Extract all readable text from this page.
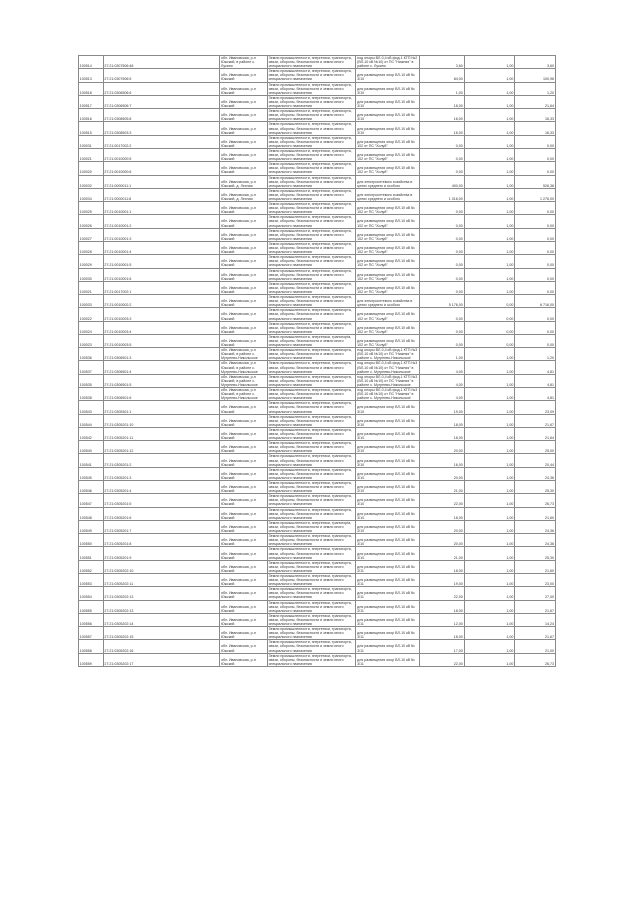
100514	27:21:0307506:48	обл. Ивановская, р-н Южский, в районе с. Лукино	Земли промышленности, энергетики, транспорта, связи, обороны, безопасности и земли иного специального назначения	под опоры ВЛ-0,4 кВ фид.1 КТП №2 (ВЛ-10 кВ №10) от ПС "Нижняя" в районе с. Лукино	3,60	1,00	3,60
100513	27:21:0307506:5	обл. Ивановская, р-н Южский	Земли промышленности, энергетики, транспорта, связи, обороны, безопасности и земли иного специального назначения	для размещения опор ВЛ-10 кВ № 3/10	84,00	1,00	100,96
100518	27:21:0306506:6	обл. Ивановская, р-н Южский	Земли промышленности, энергетики, транспорта, связи, обороны, безопасности и земли иного специального назначения	для размещения опор ВЛ-10 кВ № 3/10	1,00	1,00	1,20
100517	27:21:0306506:7	обл. Ивановская, р-н Южский	Земли промышленности, энергетики, транспорта, связи, обороны, безопасности и земли иного специального назначения	для размещения опор ВЛ-10 кВ № 3/10	18,00	1,00	21,64
100516	27:21:0308505:8	обл. Ивановская, р-н Южский	Земли промышленности, энергетики, транспорта, связи, обороны, безопасности и земли иного специального назначения	для размещения опор ВЛ-10 кВ № 3/10	16,00	1,00	16,33
100515	27:21:0308503:3	обл. Ивановская, р-н Южский	Земли промышленности, энергетики, транспорта, связи, обороны, безопасности и земли иного специального назначения	для размещения опор ВЛ-10 кВ № 3/10	16,00	1,00	16,33
100031	27:21:0017002:2	обл. Ивановская, р-н Южский	Земли промышленности, энергетики, транспорта, связи, обороны, безопасности и земли иного специального назначения	для размещения опор ВЛ-10 кВ № 102 от ПС "Холуй"	0,00	1,00	0,00
100021	27:21:0010000:5	обл. Ивановская, р-н Южский	Земли промышленности, энергетики, транспорта, связи, обороны, безопасности и земли иного специального назначения	для размещения опор ВЛ-10 кВ № 102 от ПС "Холуй"	0,00	1,00	0,00
100020	27:21:0010000:6	обл. Ивановская, р-н Южский	Земли промышленности, энергетики, транспорта, связи, обороны, безопасности и земли иного специального назначения	для размещения опор ВЛ-10 кВ № 102 от ПС "Холуй"	0,00	1,00	0,00
100032	27:21:0000011:1	обл. Ивановская, р-н Южский, д. Лесная	Земли промышленности, энергетики, транспорта, связи, обороны, безопасности и земли иного специального назначения	для электросетевого хозяйства в целях среднего и особого	400,00	1,00	526,36
100034	27:21:0000011:8	обл. Ивановская, р-н Южский, д. Лесная	Земли промышленности, энергетики, транспорта, связи, обороны, безопасности и земли иного специального назначения	для электросетевого хозяйства в целях среднего и особого	1 016,00	1,00	1 276,00
100025	27:21:0010001:1	обл. Ивановская, р-н Южский	Земли промышленности, энергетики, транспорта, связи, обороны, безопасности и земли иного специального назначения	для размещения опор ВЛ-10 кВ № 102 от ПС "Холуй"	0,00	1,00	0,00
100026	27:21:0010001:2	обл. Ивановская, р-н Южский	Земли промышленности, энергетики, транспорта, связи, обороны, безопасности и земли иного специального назначения	для размещения опор ВЛ-10 кВ № 102 от ПС "Холуй"	0,00	1,00	0,00
100027	27:21:0010001:3	обл. Ивановская, р-н Южский	Земли промышленности, энергетики, транспорта, связи, обороны, безопасности и земли иного специального назначения	для размещения опор ВЛ-10 кВ № 102 от ПС "Холуй"	0,00	1,00	0,00
100028	27:21:0010001:4	обл. Ивановская, р-н Южский	Земли промышленности, энергетики, транспорта, связи, обороны, безопасности и земли иного специального назначения	для размещения опор ВЛ-10 кВ № 102 от ПС "Холуй"	0,00	1,00	0,00
100029	27:21:0010001:5	обл. Ивановская, р-н Южский	Земли промышленности, энергетики, транспорта, связи, обороны, безопасности и земли иного специального назначения	для размещения опор ВЛ-10 кВ № 102 от ПС "Холуй"	0,00	1,00	0,00
100030	27:21:0010001:6	обл. Ивановская, р-н Южский	Земли промышленности, энергетики, транспорта, связи, обороны, безопасности и земли иного специального назначения	для размещения опор ВЛ-10 кВ № 102 от ПС "Холуй"	0,00	1,00	0,00
100021	27:21:0017002:1	обл. Ивановская, р-н Южский	Земли промышленности, энергетики, транспорта, связи, обороны, безопасности и земли иного специального назначения	для размещения опор ВЛ-10 кВ № 102 от ПС "Холуй"	0,00	1,00	0,00
100033	27:21:0010002:2	обл. Ивановская, р-н Южский	Земли промышленности, энергетики, транспорта, связи, обороны, безопасности и земли иного специального назначения	для электросетевого хозяйства в целях среднего и особого	5 176,00	0,00	6 716,00
100022	27:21:0010003:3	обл. Ивановская, р-н Южский	Земли промышленности, энергетики, транспорта, связи, обороны, безопасности и земли иного специального назначения	для размещения опор ВЛ-10 кВ № 102 от ПС "Холуй"	0,00	0,00	0,00
100024	27:21:0010003:4	обл. Ивановская, р-н Южский	Земли промышленности, энергетики, транспорта, связи, обороны, безопасности и земли иного специального назначения	для размещения опор ВЛ-10 кВ № 102 от ПС "Холуй"	0,00	0,00	0,00
100023	27:21:0010003:5	обл. Ивановская, р-н Южский	Земли промышленности, энергетики, транспорta, связи, обороны, безопасности и земли иного специального назначения	для размещения опор ВЛ-10 кВ № 102 от ПС "Холуй"	0,00	0,00	0,00
100536	27:21:0306501:3	обл. Ивановская, р-н Южский, в районе с. Мугреево-Никольское	Земли промышленности, энергетики, транспорта, связи, обороны, безопасности и земли иного специального назначения	под опоры ВЛ-0,4 кВ фид.1 КТП №3 (ВЛ-10 кВ №10) от ПС "Нижняя" в районе с. Мугреево-Никольское	1,00	1,00	1,20
100537	27:21:0306501:4	обл. Ивановская, р-н Южский, в районе с. Мугреево-Никольское	Земли промышленности, энергетики, транспорта, связи, обороны, безопасности и земли иного специального назначения	под опоры ВЛ-0,4 кВ фид.1 КТП №3 (ВЛ-10 кВ №10) от ПС "Нижняя" в районе с. Мугреево-Никольское	4,00	1,00	4,81
100535	27:21:0306501:5	обл. Ивановская, р-н Южский, в районе с. Мугреево-Никольское	Земли промышленности, энергетики, транспорта, связи, обороны, безопасности и земли иного специального назначения	под опоры ВЛ-0,4 кВ фид.1 КТП №3 (ВЛ-10 кВ №10) от ПС "Нижняя" в районе с. Мугреево-Никольское	4,00	1,00	4,81
100538	27:21:0306501:6	обл. Ивановская, р-н Южский, в районе с. Мугреево-Никольское	Земли промышленности, энергетики, транспорта, связи, обороны, безопасности и земли иного специального назначения	под опоры ВЛ-0,4 кВ фид.1 КТП №3 (ВЛ-10 кВ №10) от ПС "Нижняя" в районе с. Мугреево-Никольское	4,00	1,00	4,81
100543	27:21:0305301:1	обл. Ивановская, р-н Южский	Земли промышленности, энергетики, транспорта, связи, обороны, безопасности и земли иного специального назначения	для размещения опор ВЛ-10 кВ № 3/10	19,00	1,00	23,09
100544	27:21:0305201:10	обл. Ивановская, р-н Южский	Земли промышленности, энергетики, транспорта, связи, обороны, безопасности и земли иного специального назначения	для размещения опор ВЛ-10 кВ № 3/10	18,00	1,00	21,67
100542	27:21:0305201:11	обл. Ивановская, р-н Южский	Земли промышленности, энергетики, транспорта, связи, обороны, безопасности и земли иного специального назначения	для размещения опор ВЛ-10 кВ № 3/10	18,00	1,00	21,64
100540	27:21:0305201:12	обл. Ивановская, р-н Южский	Земли промышленности, энергетики, транспорта, связи, обороны, безопасности и земли иного специального назначения	для размещения опор ВЛ-10 кВ № 3/10	20,00	1,00	25,00
100541	27:21:0305201:2	обл. Ивановская, р-н Южский	Земли промышленности, энергетики, транспорта, связи, обороны, безопасности и земли иного специального назначения	для размещения опор ВЛ-10 кВ № 3/10	16,00	1,00	20,44
100545	27:21:0305201:3	обл. Ивановская, р-н Южский	Земли промышленности, энергетики, транспорта, связи, обороны, безопасности и земли иного специального назначения	для размещения опор ВЛ-10 кВ № 3/10	20,00	1,00	24,36
100546	27:21:0305201:4	обл. Ивановская, р-н Южский	Земли промышленности, энергетики, транспорта, связи, обороны, безопасности и земли иного специального назначения	для размещения опор ВЛ-10 кВ № 3/10	21,00	1,00	25,30
100547	27:21:0305201:5	обл. Ивановская, р-н Южский	Земли промышленности, энергетики, транспорта, связи, обороны, безопасности и земли иного специального назначения	для размещения опор ВЛ-10 кВ № 3/10	22,00	1,00	26,73
100548	27:21:0305201:6	обл. Ивановская, р-н Южский	Земли промышленности, энергетики, транспорта, связи, обороны, безопасности и земли иного специального назначения	для размещения опор ВЛ-10 кВ № 3/10	18,00	1,00	21,60
100549	27:21:0305201:7	обл. Ивановская, р-н Южский	Земли промышленности, энергетики, транспорta, связи, обороны, безопасности и земли иного специального назначения	для размещения опор ВЛ-10 кВ № 3/10	20,00	1,00	24,36
100550	27:21:0305201:8	обл. Ивановская, р-н Южский	Земли промышленности, энергетики, транспорта, связи, обороны, безопасности и земли иного специального назначения	для размещения опор ВЛ-10 кВ № 3/10	20,00	1,00	24,36
100551	27:21:0305201:9	обл. Ивановская, р-н Южский	Земли промышленности, энергетики, транспорта, связи, обороны, безопасности и земли иного специального назначения	для размещения опор ВЛ-10 кВ № 3/10	21,00	1,00	25,30
100552	27:21:0305202:10	обл. Ивановская, р-н Южский	Земли промышленности, энергетики, транспорта, связи, обороны, безопасности и земли иного специального назначения	для размещения опор ВЛ-10 кВ № 3/11	18,00	1,00	21,60
100553	27:21:0305202:11	обл. Ивановская, р-н Южский	Земли промышленности, энергетики, транспорта, связи, обороны, безопасности и земли иного специального назначения	для размещения опор ВЛ-10 кВ № 3/11	19,00	1,00	23,00
100554	27:21:0305202:13	обл. Ивановская, р-н Южский	Земли промышленности, энергетики, транспорта, связи, обороны, безопасности и земли иного специального назначения	для размещения опор ВЛ-10 кВ № 3/11	22,00	1,00	27,00
100555	27:21:0305202:13	обл. Ивановская, р-н Южский	Земли промышленности, энергетики, транспорта, связи, обороны, безопасности и земли иного специального назначения	для размещения опор ВЛ-10 кВ № 3/11	18,00	1,00	21,67
100556	27:21:0305202:14	обл. Ивановская, р-н Южский	Земли промышленности, энергетики, транспорта, связи, обороны, безопасности и земли иного специального назначения	для размещения опор ВЛ-10 кВ № 3/11	12,00	1,00	14,24
100557	27:21:0305202:15	обл. Ивановская, р-н Южский	Земли промышленности, энергетики, транспорта, связи, обороны, безопасности и земли иного специального назначения	для размещения опор ВЛ-10 кВ № 3/11	18,00	1,00	21,67
100558	27:21:0305202:16	обл. Ивановская, р-н Южский	Земли промышленности, энергетики, транспорта, связи, обороны, безопасности и земли иного специального назначения	для размещения опор ВЛ-10 кВ № 3/11	17,00	1,00	21,00
100559	27:21:0305202:17	обл. Ивановская, р-н Южский	Земли промышленности, энергетики, транспорта, связи, обороны, безопасности и земли иного специального назначения	для размещения опор ВЛ-10 кВ № 3/11	22,00	1,00	26,73
